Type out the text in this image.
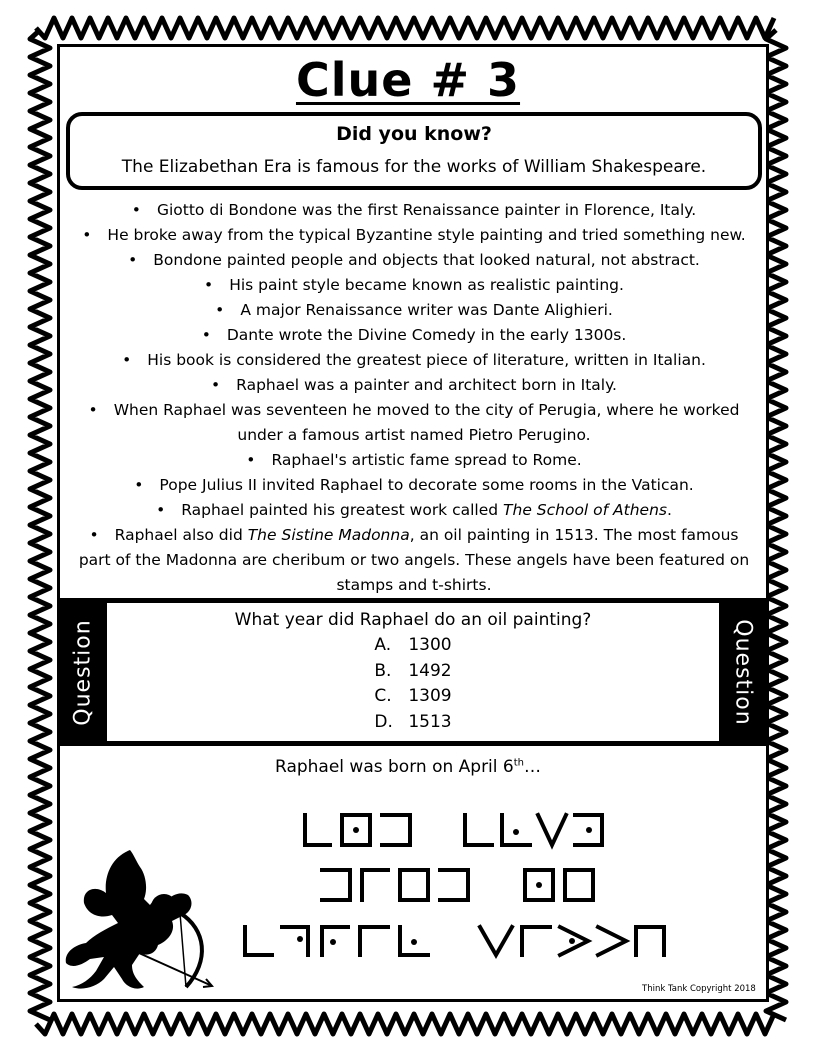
Clue # 3
Did you know?
The Elizabethan Era is famous for the works of William Shakespeare.
• Giotto di Bondone was the first Renaissance painter in Florence, Italy.
• He broke away from the typical Byzantine style painting and tried something new.
• Bondone painted people and objects that looked natural, not abstract.
• His paint style became known as realistic painting.
• A major Renaissance writer was Dante Alighieri.
• Dante wrote the Divine Comedy in the early 1300s.
• His book is considered the greatest piece of literature, written in Italian.
• Raphael was a painter and architect born in Italy.
• When Raphael was seventeen he moved to the city of Perugia, where he worked under a famous artist named Pietro Perugino.
• Raphael's artistic fame spread to Rome.
• Pope Julius II invited Raphael to decorate some rooms in the Vatican.
• Raphael painted his greatest work called The School of Athens.
• Raphael also did The Sistine Madonna, an oil painting in 1513. The most famous part of the Madonna are cheribum or two angels. These angels have been featured on stamps and t-shirts.
Question	Question
What year did Raphael do an oil painting?
A. 1300
B. 1492
C. 1309
D. 1513
Raphael was born on April 6th…
Think Tank Copyright 2018
